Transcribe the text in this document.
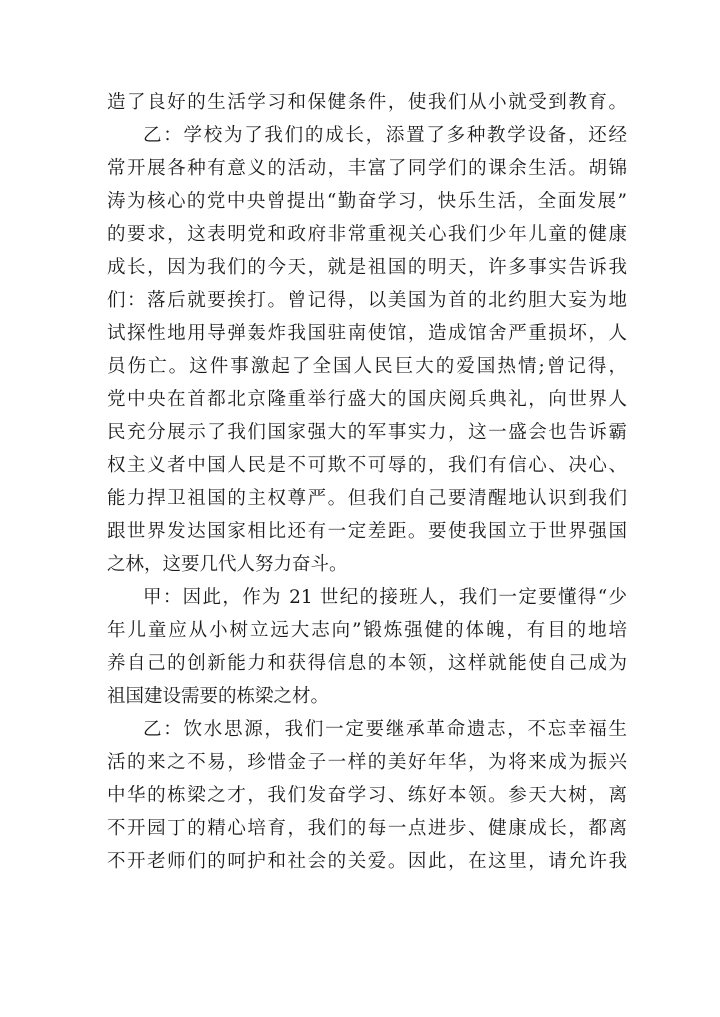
造了良好的生活学习和保健条件，使我们从小就受到教育。
乙：学校为了我们的成长，添置了多种教学设备，还经
常开展各种有意义的活动，丰富了同学们的课余生活。胡锦
涛为核心的党中央曾提出“勤奋学习，快乐生活，全面发展”
的要求，这表明党和政府非常重视关心我们少年儿童的健康
成长，因为我们的今天，就是祖国的明天，许多事实告诉我
们：落后就要挨打。曾记得，以美国为首的北约胆大妄为地
试探性地用导弹轰炸我国驻南使馆，造成馆舍严重损坏，人
员伤亡。这件事激起了全国人民巨大的爱国热情;曾记得，
党中央在首都北京隆重举行盛大的国庆阅兵典礼，向世界人
民充分展示了我们国家强大的军事实力，这一盛会也告诉霸
权主义者中国人民是不可欺不可辱的，我们有信心、决心、
能力捍卫祖国的主权尊严。但我们自己要清醒地认识到我们
跟世界发达国家相比还有一定差距。要使我国立于世界强国
之林，这要几代人努力奋斗。
甲：因此，作为 21 世纪的接班人，我们一定要懂得“少
年儿童应从小树立远大志向”锻炼强健的体魄，有目的地培
养自己的创新能力和获得信息的本领，这样就能使自己成为
祖国建设需要的栋梁之材。
乙：饮水思源，我们一定要继承革命遗志，不忘幸福生
活的来之不易，珍惜金子一样的美好年华，为将来成为振兴
中华的栋梁之才，我们发奋学习、练好本领。参天大树，离
不开园丁的精心培育，我们的每一点进步、健康成长，都离
不开老师们的呵护和社会的关爱。因此，在这里，请允许我
